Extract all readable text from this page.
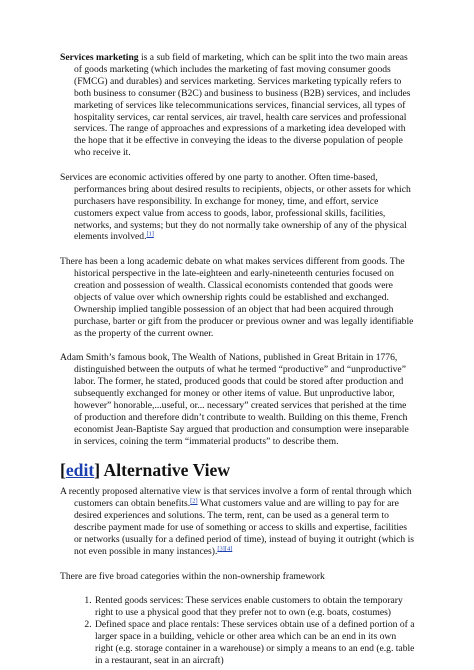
Services marketing is a sub field of marketing, which can be split into the two main areas of goods marketing (which includes the marketing of fast moving consumer goods (FMCG) and durables) and services marketing. Services marketing typically refers to both business to consumer (B2C) and business to business (B2B) services, and includes marketing of services like telecommunications services, financial services, all types of hospitality services, car rental services, air travel, health care services and professional services. The range of approaches and expressions of a marketing idea developed with the hope that it be effective in conveying the ideas to the diverse population of people who receive it.

Services are economic activities offered by one party to another. Often time-based, performances bring about desired results to recipients, objects, or other assets for which purchasers have responsibility. In exchange for money, time, and effort, service customers expect value from access to goods, labor, professional skills, facilities, networks, and systems; but they do not normally take ownership of any of the physical elements involved.[1]

There has been a long academic debate on what makes services different from goods. The historical perspective in the late-eighteen and early-nineteenth centuries focused on creation and possession of wealth. Classical economists contended that goods were objects of value over which ownership rights could be established and exchanged. Ownership implied tangible possession of an object that had been acquired through purchase, barter or gift from the producer or previous owner and was legally identifiable as the property of the current owner.

Adam Smith’s famous book, The Wealth of Nations, published in Great Britain in 1776, distinguished between the outputs of what he termed “productive” and “unproductive” labor. The former, he stated, produced goods that could be stored after production and subsequently exchanged for money or other items of value. But unproductive labor, however” honorable,...useful, or... necessary” created services that perished at the time of production and therefore didn’t contribute to wealth. Building on this theme, French economist Jean-Baptiste Say argued that production and consumption were inseparable in services, coining the term “immaterial products” to describe them.

[edit] Alternative View

A recently proposed alternative view is that services involve a form of rental through which customers can obtain benefits.[2] What customers value and are willing to pay for are desired experiences and solutions. The term, rent, can be used as a general term to describe payment made for use of something or access to skills and expertise, facilities or networks (usually for a defined period of time), instead of buying it outright (which is not even possible in many instances).[3][4]

There are five broad categories within the non-ownership framework

1. Rented goods services: These services enable customers to obtain the temporary right to use a physical good that they prefer not to own (e.g. boats, costumes)
2. Defined space and place rentals: These services obtain use of a defined portion of a larger space in a building, vehicle or other area which can be an end in its own right (e.g. storage container in a warehouse) or simply a means to an end (e.g. table in a restaurant, seat in an aircraft)
